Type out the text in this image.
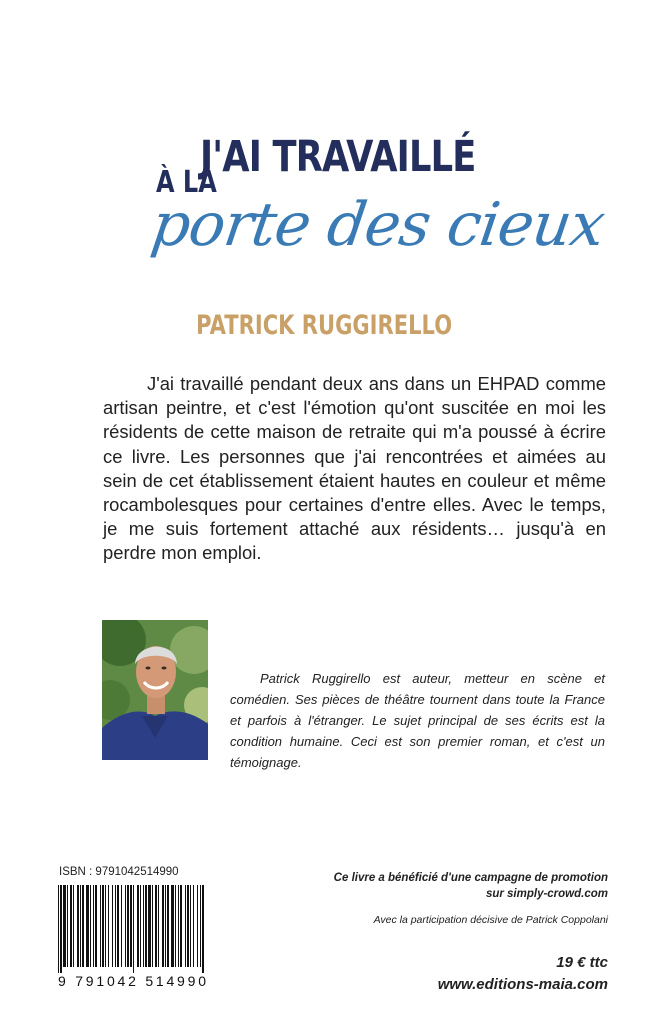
J'AI TRAVAILLÉ
À LA
porte des cieux
PATRICK RUGGIRELLO

J'ai travaillé pendant deux ans dans un EHPAD comme artisan peintre, et c'est l'émotion qu'ont suscitée en moi les résidents de cette maison de retraite qui m'a poussé à écrire ce livre. Les personnes que j'ai rencontrées et aimées au sein de cet établissement étaient hautes en couleur et même rocambolesques pour certaines d'entre elles. Avec le temps, je me suis fortement attaché aux résidents… jusqu'à en perdre mon emploi.

Patrick Ruggirello est auteur, metteur en scène et comédien. Ses pièces de théâtre tournent dans toute la France et parfois à l'étranger. Le sujet principal de ses écrits est la condition humaine. Ceci est son premier roman, et c'est un témoignage.

ISBN : 9791042514990
9 791042 514990
Ce livre a bénéficié d'une campagne de promotion
sur simply-crowd.com
Avec la participation décisive de Patrick Coppolani
19 € ttc
www.editions-maia.com
